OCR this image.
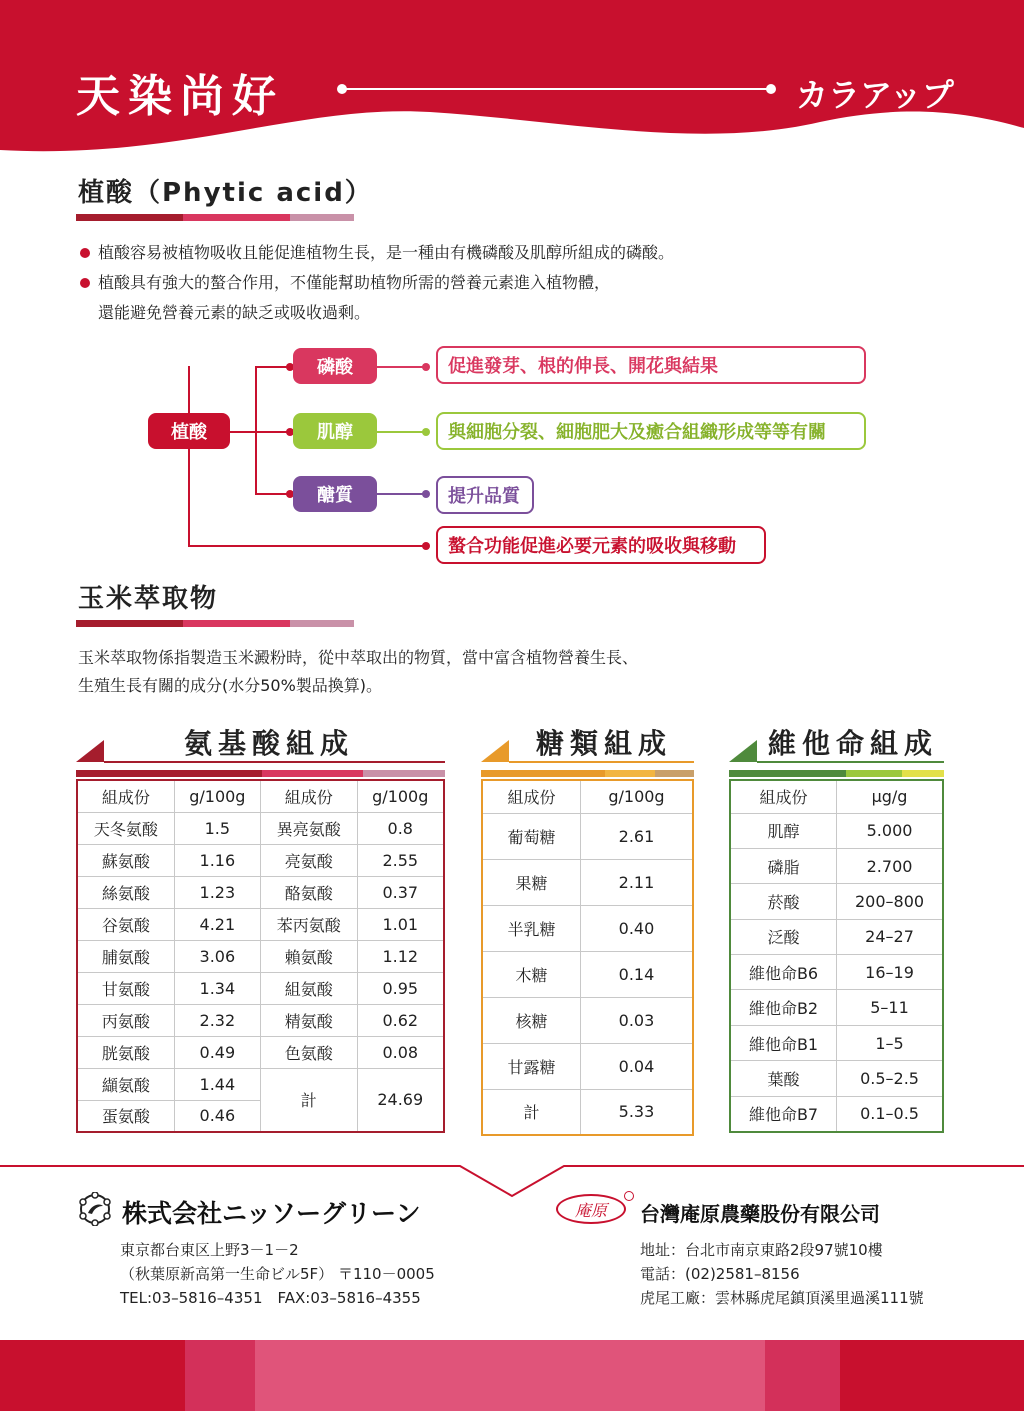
天染尚好	カラアップ
植酸（Phytic acid）
植酸容易被植物吸收且能促進植物生長，是一種由有機磷酸及肌醇所組成的磷酸。
植酸具有強大的螯合作用，不僅能幫助植物所需的營養元素進入植物體，
還能避免營養元素的缺乏或吸收過剩。
植酸
磷酸
肌醇
醣質
促進發芽、根的伸長、開花與結果
與細胞分裂、細胞肥大及癒合組織形成等等有關
提升品質
螯合功能促進必要元素的吸收與移動
玉米萃取物
玉米萃取物係指製造玉米澱粉時，從中萃取出的物質，當中富含植物營養生長、
生殖生長有關的成分(水分50%製品換算)。
氨基酸組成
組成份	g/100g	組成份	g/100g
天冬氨酸	1.5	異亮氨酸	0.8
蘇氨酸	1.16	亮氨酸	2.55
絲氨酸	1.23	酪氨酸	0.37
谷氨酸	4.21	苯丙氨酸	1.01
脯氨酸	3.06	賴氨酸	1.12
甘氨酸	1.34	組氨酸	0.95
丙氨酸	2.32	精氨酸	0.62
胱氨酸	0.49	色氨酸	0.08
纈氨酸	1.44	計	24.69
蛋氨酸	0.46		
糖類組成
組成份	g/100g
葡萄糖	2.61
果糖	2.11
半乳糖	0.40
木糖	0.14
核糖	0.03
甘露糖	0.04
計	5.33
維他命組成
組成份	μg/g
肌醇	5.000
磷脂	2.700
菸酸	200–800
泛酸	24–27
維他命B6	16–19
維他命B2	5–11
維他命B1	1–5
葉酸	0.5–2.5
維他命B7	0.1–0.5
株式会社ニッソーグリーン
東京都台東区上野3－1－2
（秋葉原新高第一生命ビル5F） 〒110－0005
TEL:03–5816–4351　FAX:03–5816–4355
庵原	台灣庵原農藥股份有限公司
地址：台北市南京東路2段97號10樓
電話：(02)2581–8156
虎尾工廠：雲林縣虎尾鎮頂溪里過溪111號
